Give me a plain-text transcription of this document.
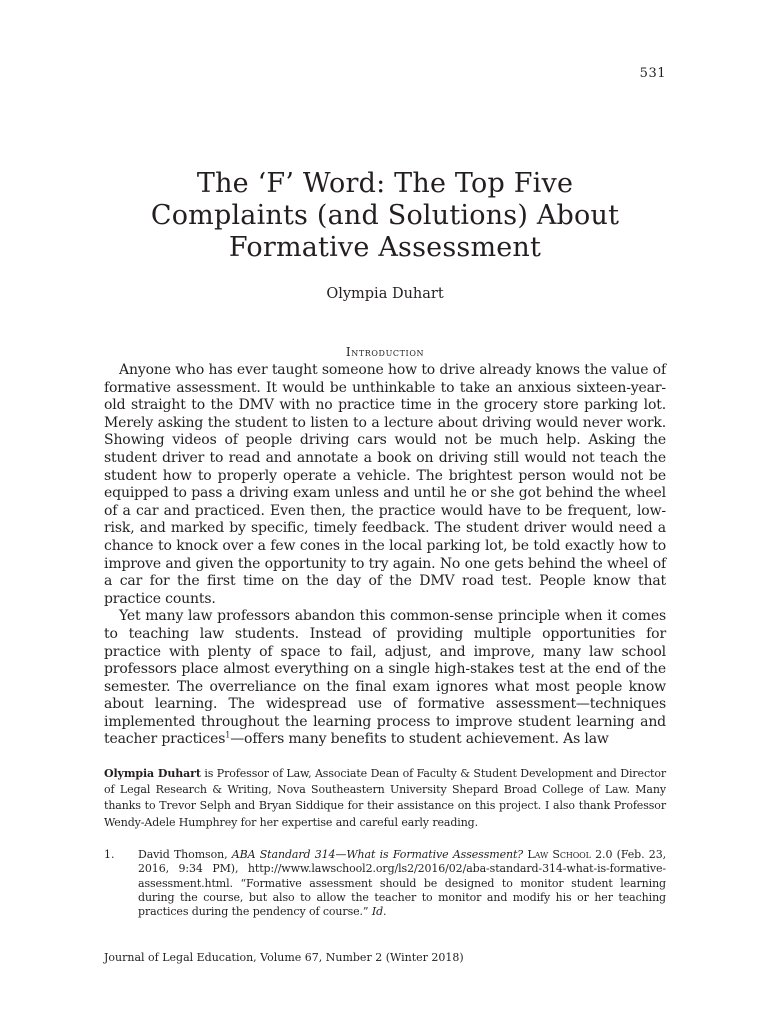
531
The ‘F’ Word: The Top Five
Complaints (and Solutions) About
Formative Assessment
Olympia Duhart
Introduction

Anyone who has ever taught someone how to drive already knows the value of formative assessment. It would be unthinkable to take an anxious sixteen-year-old straight to the DMV with no practice time in the grocery store parking lot. Merely asking the student to listen to a lecture about driving would never work. Showing videos of people driving cars would not be much help. Asking the student driver to read and annotate a book on driving still would not teach the student how to properly operate a vehicle. The brightest person would not be equipped to pass a driving exam unless and until he or she got behind the wheel of a car and practiced. Even then, the practice would have to be frequent, low-risk, and marked by specific, timely feedback. The student driver would need a chance to knock over a few cones in the local parking lot, be told exactly how to improve and given the opportunity to try again. No one gets behind the wheel of a car for the first time on the day of the DMV road test. People know that practice counts.

Yet many law professors abandon this common-sense principle when it comes to teaching law students. Instead of providing multiple opportunities for practice with plenty of space to fail, adjust, and improve, many law school professors place almost everything on a single high-stakes test at the end of the semester. The overreliance on the final exam ignores what most people know about learning. The widespread use of formative assessment—techniques implemented throughout the learning process to improve student learning and teacher practices$^1$—offers many benefits to student achievement. As law

Olympia Duhart is Professor of Law, Associate Dean of Faculty & Student Development and Director of Legal Research & Writing, Nova Southeastern University Shepard Broad College of Law. Many thanks to Trevor Selph and Bryan Siddique for their assistance on this project. I also thank Professor Wendy-Adele Humphrey for her expertise and careful early reading.
1. David Thomson, ABA Standard 314—What is Formative Assessment? Law School 2.0 (Feb. 23, 2016, 9:34 PM), http://www.lawschool2.org/ls2/2016/02/aba-standard-314-what-is-formative-assessment.html. “Formative assessment should be designed to monitor student learning during the course, but also to allow the teacher to monitor and modify his or her teaching practices during the pendency of course.” Id.
Journal of Legal Education, Volume 67, Number 2 (Winter 2018)
